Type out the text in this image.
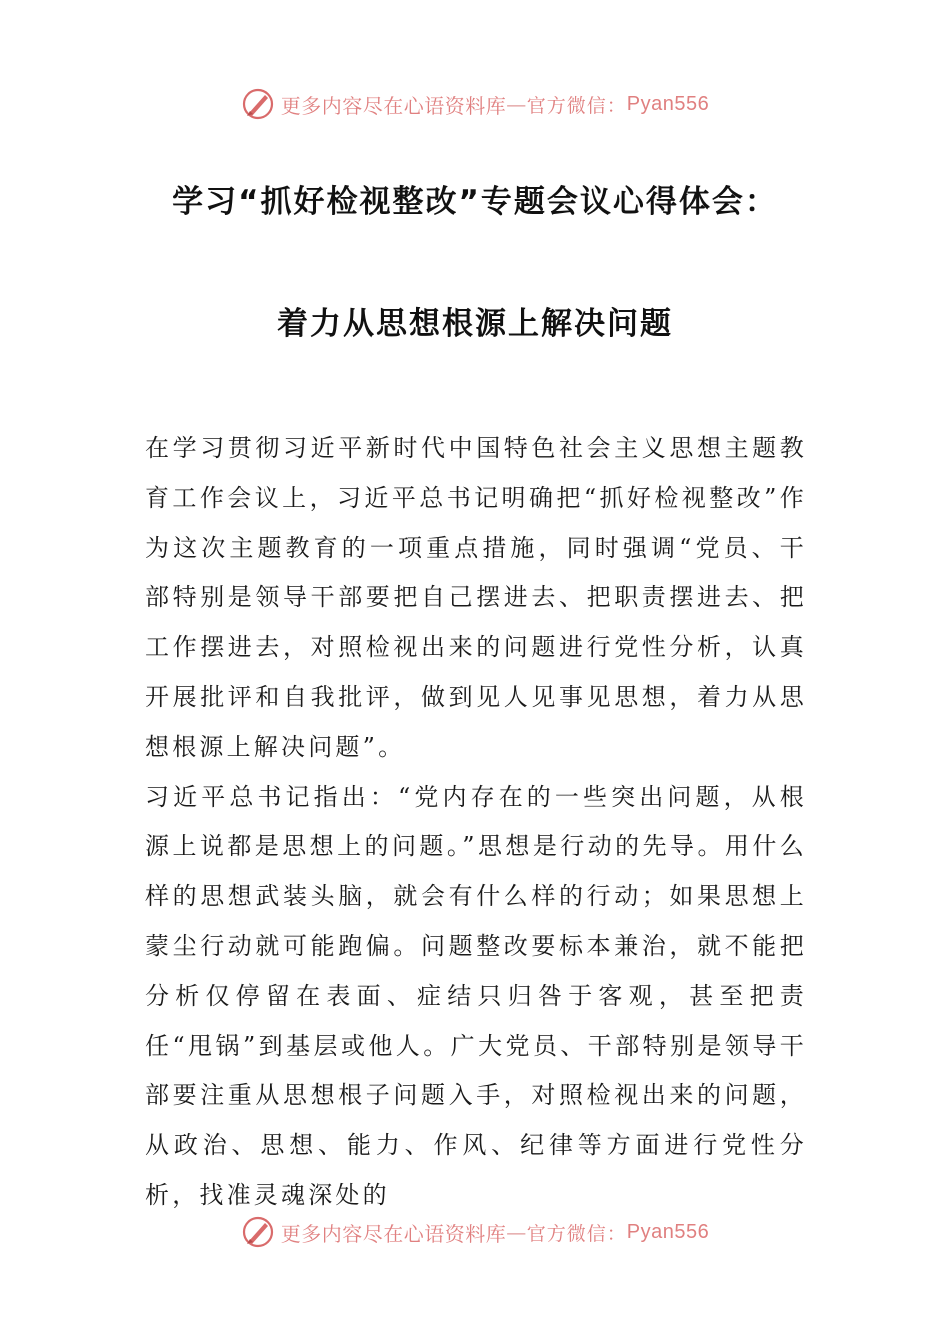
更多内容尽在心语资料库 — 官方微信： Pyan556
学习“抓好检视整改”专题会议心得体会：
着力从思想根源上解决问题

在学习贯彻习近平新时代中国特色社会主义思想主题教育工作会议上，习近平总书记明确把“抓好检视整改”作为这次主题教育的一项重点措施，同时强调“党员、干部特别是领导干部要把自己摆进去、把职责摆进去、把工作摆进去，对照检视出来的问题进行党性分析，认真开展批评和自我批评，做到见人见事见思想，着力从思想根源上解决问题”。

习近平总书记指出：“党内存在的一些突出问题，从根源上说都是思想上的问题。”思想是行动的先导。用什么样的思想武装头脑，就会有什么样的行动；如果思想上蒙尘行动就可能跑偏。问题整改要标本兼治，就不能把分析仅停留在表面、症结只归咎于客观，甚至把责任“甩锅”到基层或他人。广大党员、干部特别是领导干部要注重从思想根子问题入手，对照检视出来的问题，从政治、思想、能力、作风、纪律等方面进行党性分析，找准灵魂深处的

更多内容尽在心语资料库 — 官方微信： Pyan556
